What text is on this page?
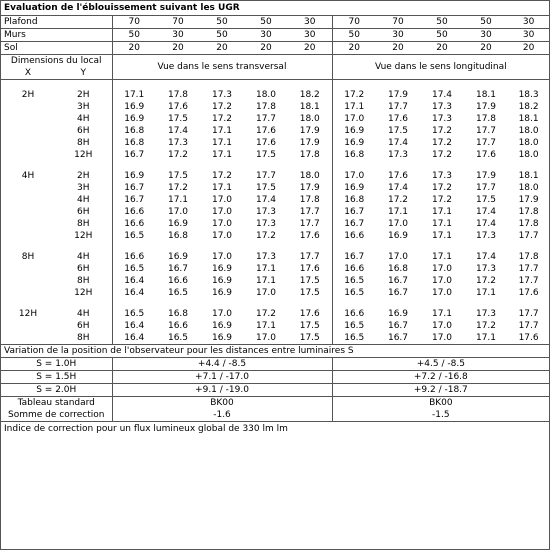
Evaluation de l'éblouissement suivant les UGR											
Plafond		70	70	50	50	30	70	70	50	50	30
Murs		50	30	50	30	30	50	30	50	30	30
Sol		20	20	20	20	20	20	20	20	20	20
Dimensions du local		Vue dans le sens transversal					Vue dans le sens longitudinal				
X	Y										

2H	2H	17.1	17.8	17.3	18.0	18.2	17.2	17.9	17.4	18.1	18.3
	3H	16.9	17.6	17.2	17.8	18.1	17.1	17.7	17.3	17.9	18.2
	4H	16.9	17.5	17.2	17.7	18.0	17.0	17.6	17.3	17.8	18.1
	6H	16.8	17.4	17.1	17.6	17.9	16.9	17.5	17.2	17.7	18.0
	8H	16.8	17.3	17.1	17.6	17.9	16.9	17.4	17.2	17.7	18.0
	12H	16.7	17.2	17.1	17.5	17.8	16.8	17.3	17.2	17.6	18.0

4H	2H	16.9	17.5	17.2	17.7	18.0	17.0	17.6	17.3	17.9	18.1
	3H	16.7	17.2	17.1	17.5	17.9	16.9	17.4	17.2	17.7	18.0
	4H	16.7	17.1	17.0	17.4	17.8	16.8	17.2	17.2	17.5	17.9
	6H	16.6	17.0	17.0	17.3	17.7	16.7	17.1	17.1	17.4	17.8
	8H	16.6	16.9	17.0	17.3	17.7	16.7	17.0	17.1	17.4	17.8
	12H	16.5	16.8	17.0	17.2	17.6	16.6	16.9	17.1	17.3	17.7

8H	4H	16.6	16.9	17.0	17.3	17.7	16.7	17.0	17.1	17.4	17.8
	6H	16.5	16.7	16.9	17.1	17.6	16.6	16.8	17.0	17.3	17.7
	8H	16.4	16.6	16.9	17.1	17.5	16.5	16.7	17.0	17.2	17.7
	12H	16.4	16.5	16.9	17.0	17.5	16.5	16.7	17.0	17.1	17.6

12H	4H	16.5	16.8	17.0	17.2	17.6	16.6	16.9	17.1	17.3	17.7
	6H	16.4	16.6	16.9	17.1	17.5	16.5	16.7	17.0	17.2	17.7
	8H	16.4	16.5	16.9	17.0	17.5	16.5	16.7	17.0	17.1	17.6
Variation de la position de l'observateur pour les distances entre luminaires S											
S = 1.0H		+4.4 / -8.5					+4.5 / -8.5				
S = 1.5H		+7.1 / -17.0					+7.2 / -16.8				
S = 2.0H		+9.1 / -19.0					+9.2 / -18.7				
Tableau standard		BK00					BK00				
Somme de correction		-1.6					-1.5				
Indice de correction pour un flux lumineux global de 330 lm lm											
